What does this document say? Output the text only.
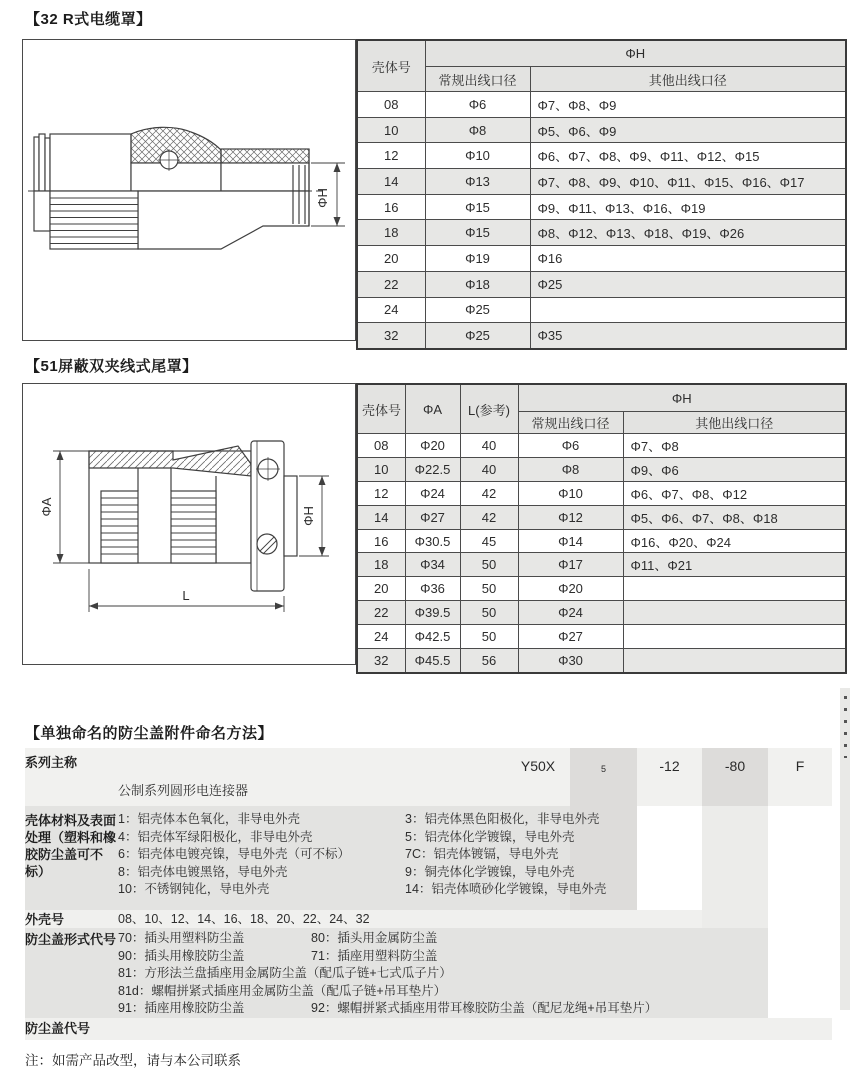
【32 R式电缆罩】
ΦH
壳体号	ΦH	
	常规出线口径	其他出线口径
08	Φ6	Φ7、Φ8、Φ9
10	Φ8	Φ5、Φ6、Φ9
12	Φ10	Φ6、Φ7、Φ8、Φ9、Φ11、Φ12、Φ15
14	Φ13	Φ7、Φ8、Φ9、Φ10、Φ11、Φ15、Φ16、Φ17
16	Φ15	Φ9、Φ11、Φ13、Φ16、Φ19
18	Φ15	Φ8、Φ12、Φ13、Φ18、Φ19、Φ26
20	Φ19	Φ16
22	Φ18	Φ25
24	Φ25	
32	Φ25	Φ35
【51屏蔽双夹线式尾罩】
ΦA	ΦH
L
壳体号	ΦA	L(参考)	ΦH	
			常规出线口径	其他出线口径
08	Φ20	40	Φ6	Φ7、Φ8
10	Φ22.5	40	Φ8	Φ9、Φ6
12	Φ24	42	Φ10	Φ6、Φ7、Φ8、Φ12
14	Φ27	42	Φ12	Φ5、Φ6、Φ7、Φ8、Φ18
16	Φ30.5	45	Φ14	Φ16、Φ20、Φ24
18	Φ34	50	Φ17	Φ11、Φ21
20	Φ36	50	Φ20	
22	Φ39.5	50	Φ24	
24	Φ42.5	50	Φ27	
32	Φ45.5	56	Φ30	
【单独命名的防尘盖附件命名方法】
Y50X	5	-12	-80	F
系列主称
公制系列圆形电连接器
壳体材料及表面处理（塑料和橡胶防尘盖可不标）
1：铝壳体本色氧化，非导电外壳
4：铝壳体军绿阳极化，非导电外壳
6：铝壳体电镀亮镍，导电外壳（可不标）
8：铝壳体电镀黑铬，导电外壳
10：不锈钢钝化，导电外壳
3：铝壳体黑色阳极化，非导电外壳
5：铝壳体化学镀镍，导电外壳
7C：铝壳体镀镉，导电外壳
9：铜壳体化学镀镍，导电外壳
14：铝壳体喷砂化学镀镍，导电外壳
外壳号	08、10、12、14、16、18、20、22、24、32
防尘盖形式代号 70：插头用塑料防尘盖	80：插头用金属防尘盖
90：插头用橡胶防尘盖	71：插座用塑料防尘盖
81：方形法兰盘插座用金属防尘盖（配瓜子链+七式瓜子片）
81d：螺帽拼紧式插座用金属防尘盖（配瓜子链+吊耳垫片）
91：插座用橡胶防尘盖	92：螺帽拼紧式插座用带耳橡胶防尘盖（配尼龙绳+吊耳垫片）
防尘盖代号
注：如需产品改型，请与本公司联系
